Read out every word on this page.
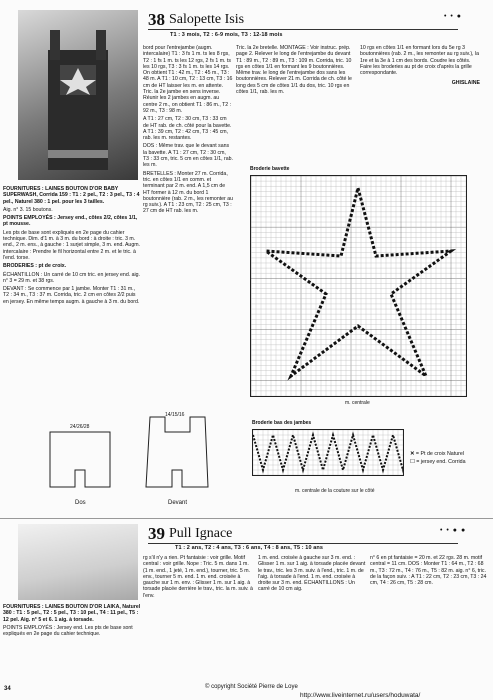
38 Salopette Isis
T1 : 3 mois, T2 : 6-9 mois, T3 : 12-18 mois
• • ●

FOURNITURES : LAINES BOUTON D'OR BABY SUPERWASH, Corrida 159 : T1 : 2 pel., T2 : 3 pel., T3 : 4 pel., Naturel 380 : 1 pel. pour les 3 tailles.

Aig. n° 3. 15 boutons.

POINTS EMPLOYÉS : Jersey end., côtes 2/2, côtes 1/1, pt mousse.

Les pts de base sont expliqués en 2e page du cahier technique. Dim. d'1 m. à 3 m. du bord : à droite : tric. 3 m. end., 2 m. ens., à gauche : 1 surjet simple, 3 m. end. Augm. intercalaire : Prendre le fil horizontal entre 2 m. et le tric. à l'end. torse.

BRODERIES : pt de croix.

ÉCHANTILLON : Un carré de 10 cm tric. en jersey end. aig. n° 3 = 29 m. et 38 rgs.

DEVANT : Se commence par 1 jambe. Monter T1 : 31 m., T2 : 34 m., T3 : 37 m. Corrida, tric. 2 cm en côtes 2/2 puis en jersey. En même temps augm. à gauche à 3 m. du bord.

24/26/28
14/15/16
Dos	Devant

bord pour l'entrejambe (augm. intercalaire) T1 : 3 fs 1 m. ts les 8 rgs, T2 : 1 fs 1 m. ts les 12 rgs, 2 fs 1 m. ts les 10 rgs, T3 : 3 fs 1 m. ts les 14 rgs. On obtient T1 : 42 m., T2 : 45 m., T3 : 48 m. A T1 : 10 cm, T2 : 13 cm, T3 : 16 cm de HT laisser les m. en attente. Tric. la 2e jambe en sens inverse. Réunir les 2 jambes en augm. au centre 2 m., on obtient T1 : 86 m., T2 : 92 m., T3 : 98 m.

A T1 : 27 cm, T2 : 30 cm, T3 : 33 cm de HT rab. de ch. côté pour la bavette. A T1 : 39 cm, T2 : 42 cm, T3 : 45 cm, rab. les m. restantes.

DOS : Même trav. que le devant sans la bavette. A T1 : 27 cm, T2 : 30 cm, T3 : 33 cm, tric. 5 cm en côtes 1/1, rab. les m.

BRETELLES : Monter 27 m. Corrida, tric. en côtes 1/1 en comm. et terminant par 2 m. end. A 1,5 cm de HT former à 12 m. du bord 1 boutonnière (rab. 2 m., les remonter au rg suiv.). A T1 : 23 cm, T2 : 25 cm, T3 : 27 cm de HT rab. les m.

Tric. la 2e bretelle. MONTAGE : Voir instruc. prép. page 2. Relever le long de l'entrejambe du devant T1 : 89 m., T2 : 89 m., T3 : 109 m. Corrida, tric. 10 rgs en côtes 1/1 en formant les 9 boutonnières. Même trav. le long de l'entrejambe dos sans les boutonnières. Relever 21 m. Corrida de ch. côté le long des 5 cm de côtes 1/1 du dos, tric. 10 rgs en côtes 1/1, rab. les m.

10 rgs en côtes 1/1 en formant lors du 5e rg 3 boutonnières (rab. 2 m., les remonter au rg suiv.), la 1re et la 3e à 1 cm des bords. Coudre les côtés. Faire les broderies au pt de croix d'après la grille correspondante.

GHISLAINE

Broderie bavette
m. centrale
Broderie bas des jambes
✕ = Pt de croix Naturel
☐ = jersey end. Corrida
m. centrale de la couture sur le côté
39 Pull Ignace
T1 : 2 ans, T2 : 4 ans, T3 : 6 ans, T4 : 8 ans, T5 : 10 ans
• • ● ●

FOURNITURES : LAINES BOUTON D'OR LAÏKA, Naturel 380 : T1 : 5 pel., T2 : 5 pel., T3 : 10 pel., T4 : 11 pel., T5 : 12 pel. Aig. n° 5 et 6. 1 aig. à torsade.

POINTS EMPLOYÉS : Jersey end. Les pts de base sont expliqués en 2e page du cahier technique.

rg s'il n'y a rien. Pt fantaisie : voir grille. Motif central : voir grille. Nope : Tric. 5 m. dans 1 m. (1 m. end., 1 jeté, 1 m. end.), tourner, tric. 5 m. env., tourner 5 m. end. 1 m. end. croisée à gauche sur 1 m. env. : Glisser 1 m. sur 1 aig. à torsade placée derrière le trav., tric. la m. suiv. à l'env.

1 m. end. croisée à gauche sur 3 m. end. : Glisser 1 m. sur 1 aig. à torsade placée devant le trav., tric. les 3 m. suiv. à l'end., tric. 1 m. de l'aig. à torsade à l'end. 1 m. end. croisée à droite sur 3 m. end. ÉCHANTILLONS : Un carré de 10 cm aig.

n° 6 en pt fantaisie = 20 m. et 22 rgs. 28 m. motif central = 11 cm. DOS : Monter T1 : 64 m., T2 : 68 m., T3 : 72 m., T4 : 76 m., T5 : 82 m. aig. n° 6, tric. de la façon suiv. : A T1 : 22 cm, T2 : 23 cm, T3 : 24 cm, T4 : 26 cm, T5 : 28 cm.

34	© copyright Société Pierre de Loye
http://www.liveinternet.ru/users/hoduwata/
